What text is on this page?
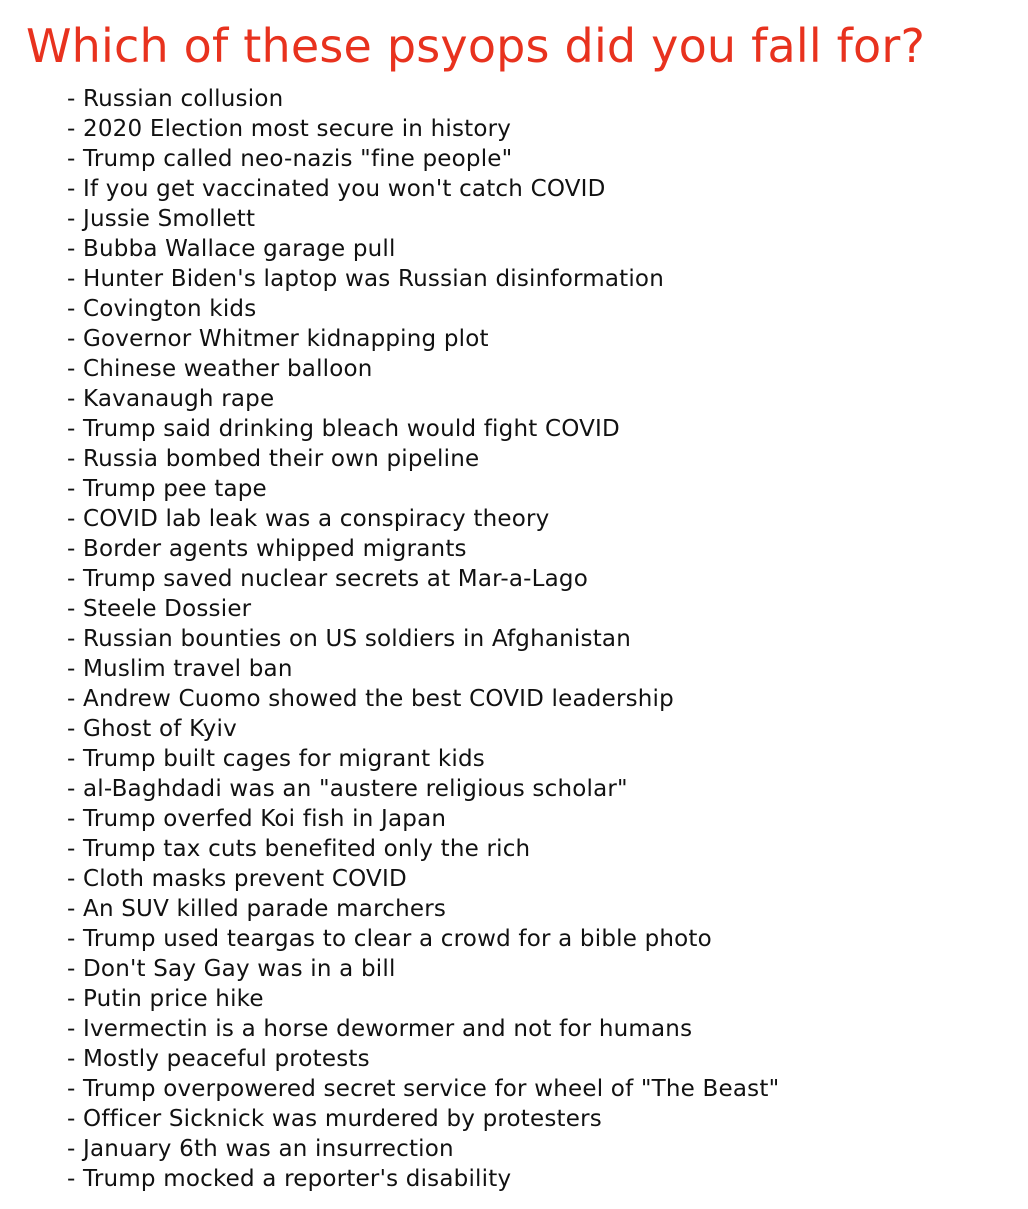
Which of these psyops did you fall for?
- Russian collusion
- 2020 Election most secure in history
- Trump called neo-nazis "fine people"
- If you get vaccinated you won't catch COVID
- Jussie Smollett
- Bubba Wallace garage pull
- Hunter Biden's laptop was Russian disinformation
- Covington kids
- Governor Whitmer kidnapping plot
- Chinese weather balloon
- Kavanaugh rape
- Trump said drinking bleach would fight COVID
- Russia bombed their own pipeline
- Trump pee tape
- COVID lab leak was a conspiracy theory
- Border agents whipped migrants
- Trump saved nuclear secrets at Mar-a-Lago
- Steele Dossier
- Russian bounties on US soldiers in Afghanistan
- Muslim travel ban
- Andrew Cuomo showed the best COVID leadership
- Ghost of Kyiv
- Trump built cages for migrant kids
- al-Baghdadi was an "austere religious scholar"
- Trump overfed Koi fish in Japan
- Trump tax cuts benefited only the rich
- Cloth masks prevent COVID
- An SUV killed parade marchers
- Trump used teargas to clear a crowd for a bible photo
- Don't Say Gay was in a bill
- Putin price hike
- Ivermectin is a horse dewormer and not for humans
- Mostly peaceful protests
- Trump overpowered secret service for wheel of "The Beast"
- Officer Sicknick was murdered by protesters
- January 6th was an insurrection
- Trump mocked a reporter's disability
